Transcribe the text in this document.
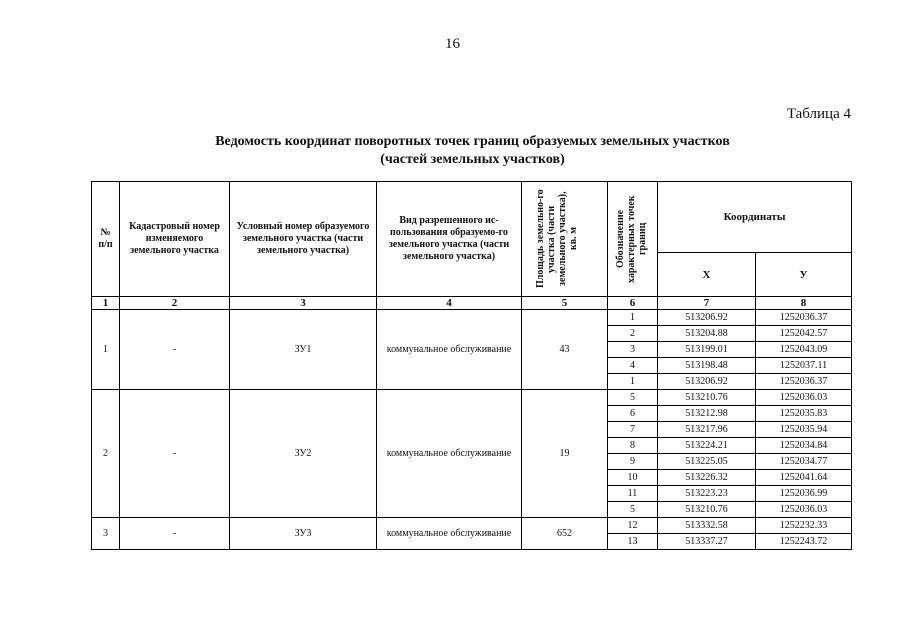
16
Таблица 4
Ведомость координат поворотных точек границ образуемых земельных участков
(частей земельных участков)
№ п/п	Кадастровый номер изменяемого земельного участка	Условный номер образуемого земельного участка (части земельного участка)	Вид разрешенного ис-пользования образуемо-го земельного участка (части земельного участка)	Площадь земельно-го участка (части земельного участка), кв. м	Обозначение характерных точек границ	Координаты	
						Х	У
1	2	3	4	5	6	7	8
1	-	ЗУ1	коммунальное обслуживание	43	1	513206.92	1252036.37
					2	513204.88	1252042.57
					3	513199.01	1252043.09
					4	513198.48	1252037.11
					1	513206.92	1252036.37
2	-	ЗУ2	коммунальное обслуживание	19	5	513210.76	1252036.03
					6	513212.98	1252035.83
					7	513217.96	1252035.94
					8	513224.21	1252034.84
					9	513225.05	1252034.77
					10	513226.32	1252041.64
					11	513223.23	1252036.99
					5	513210.76	1252036.03
3	-	ЗУ3	коммунальное обслуживание	652	12	513332.58	1252232.33
					13	513337.27	1252243.72
